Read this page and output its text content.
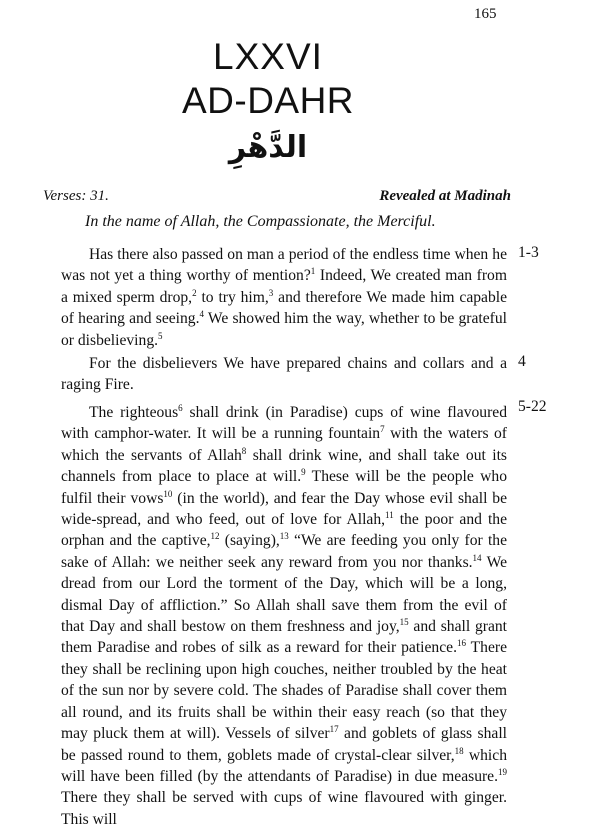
165
LXXVI
AD-DAHR
الدَّهْرِ
Verses: 31.	Revealed at Madinah
In the name of Allah, the Compassionate, the Merciful.

Has there also passed on man a period of the endless time when he was not yet a thing worthy of mention?$^1$ Indeed, We created man from a mixed sperm drop,$^2$ to try him,$^3$ and therefore We made him capable of hearing and seeing.$^4$ We showed him the way, whether to be grateful or disbelieving.$^5$

1-3

For the disbelievers We have prepared chains and collars and a raging Fire.

4

The righteous$^6$ shall drink (in Paradise) cups of wine flavoured with camphor-water. It will be a running fountain$^7$ with the waters of which the servants of Allah$^8$ shall drink wine, and shall take out its channels from place to place at will.$^9$ These will be the people who fulfil their vows$^{10}$ (in the world), and fear the Day whose evil shall be wide-spread, and who feed, out of love for Allah,$^{11}$ the poor and the orphan and the captive,$^{12}$ (saying),$^{13}$ “We are feeding you only for the sake of Allah: we neither seek any reward from you nor thanks.$^{14}$ We dread from our Lord the torment of the Day, which will be a long, dismal Day of affliction.” So Allah shall save them from the evil of that Day and shall bestow on them freshness and joy,$^{15}$ and shall grant them Paradise and robes of silk as a reward for their patience.$^{16}$ There they shall be reclining upon high couches, neither troubled by the heat of the sun nor by severe cold. The shades of Paradise shall cover them all round, and its fruits shall be within their easy reach (so that they may pluck them at will). Vessels of silver$^{17}$ and goblets of glass shall be passed round to them, goblets made of crystal-clear silver,$^{18}$ which will have been filled (by the attendants of Paradise) in due measure.$^{19}$ There they shall be served with cups of wine flavoured with ginger. This will

5-22
